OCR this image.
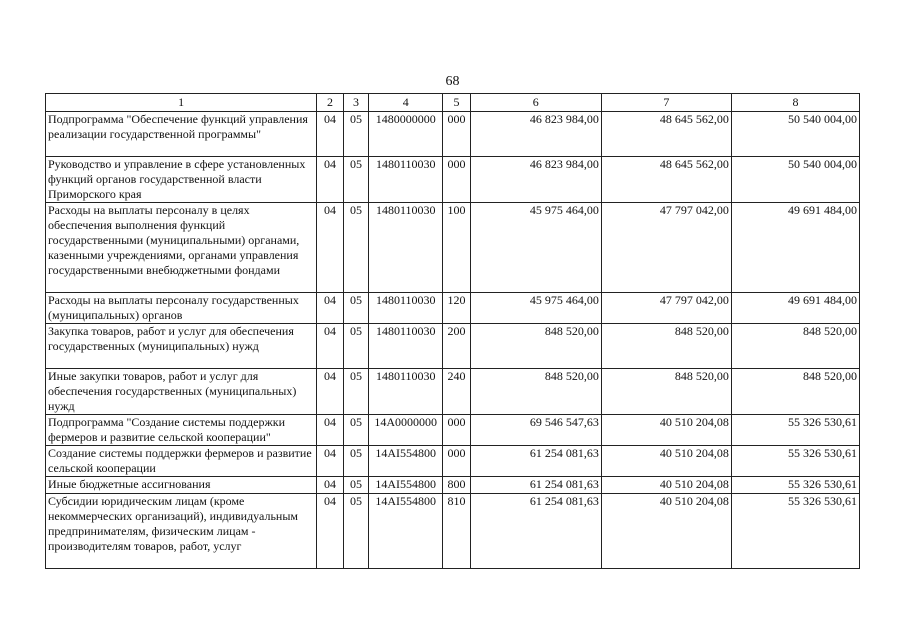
68
1	2	3	4	5	6	7	8
Подпрограмма "Обеспечение функций управления реализации государственной программы"	04	05	1480000000	000	46 823 984,00	48 645 562,00	50 540 004,00
Руководство и управление в сфере установленных функций органов государственной власти Приморского края	04	05	1480110030	000	46 823 984,00	48 645 562,00	50 540 004,00
Расходы на выплаты персоналу в целях обеспечения выполнения функций государственными (муниципальными) органами, казенными учреждениями, органами управления государственными внебюджетными фондами	04	05	1480110030	100	45 975 464,00	47 797 042,00	49 691 484,00
Расходы на выплаты персоналу государственных (муниципальных) органов	04	05	1480110030	120	45 975 464,00	47 797 042,00	49 691 484,00
Закупка товаров, работ и услуг для обеспечения государственных (муниципальных) нужд	04	05	1480110030	200	848 520,00	848 520,00	848 520,00
Иные закупки товаров, работ и услуг для обеспечения государственных (муниципальных) нужд	04	05	1480110030	240	848 520,00	848 520,00	848 520,00
Подпрограмма "Создание системы поддержки фермеров и развитие сельской кооперации"	04	05	14А0000000	000	69 546 547,63	40 510 204,08	55 326 530,61
Создание системы поддержки фермеров и развитие сельской кооперации	04	05	14АI554800	000	61 254 081,63	40 510 204,08	55 326 530,61
Иные бюджетные ассигнования	04	05	14АI554800	800	61 254 081,63	40 510 204,08	55 326 530,61
Субсидии юридическим лицам (кроме некоммерческих организаций), индивидуальным предпринимателям, физическим лицам - производителям товаров, работ, услуг	04	05	14АI554800	810	61 254 081,63	40 510 204,08	55 326 530,61
